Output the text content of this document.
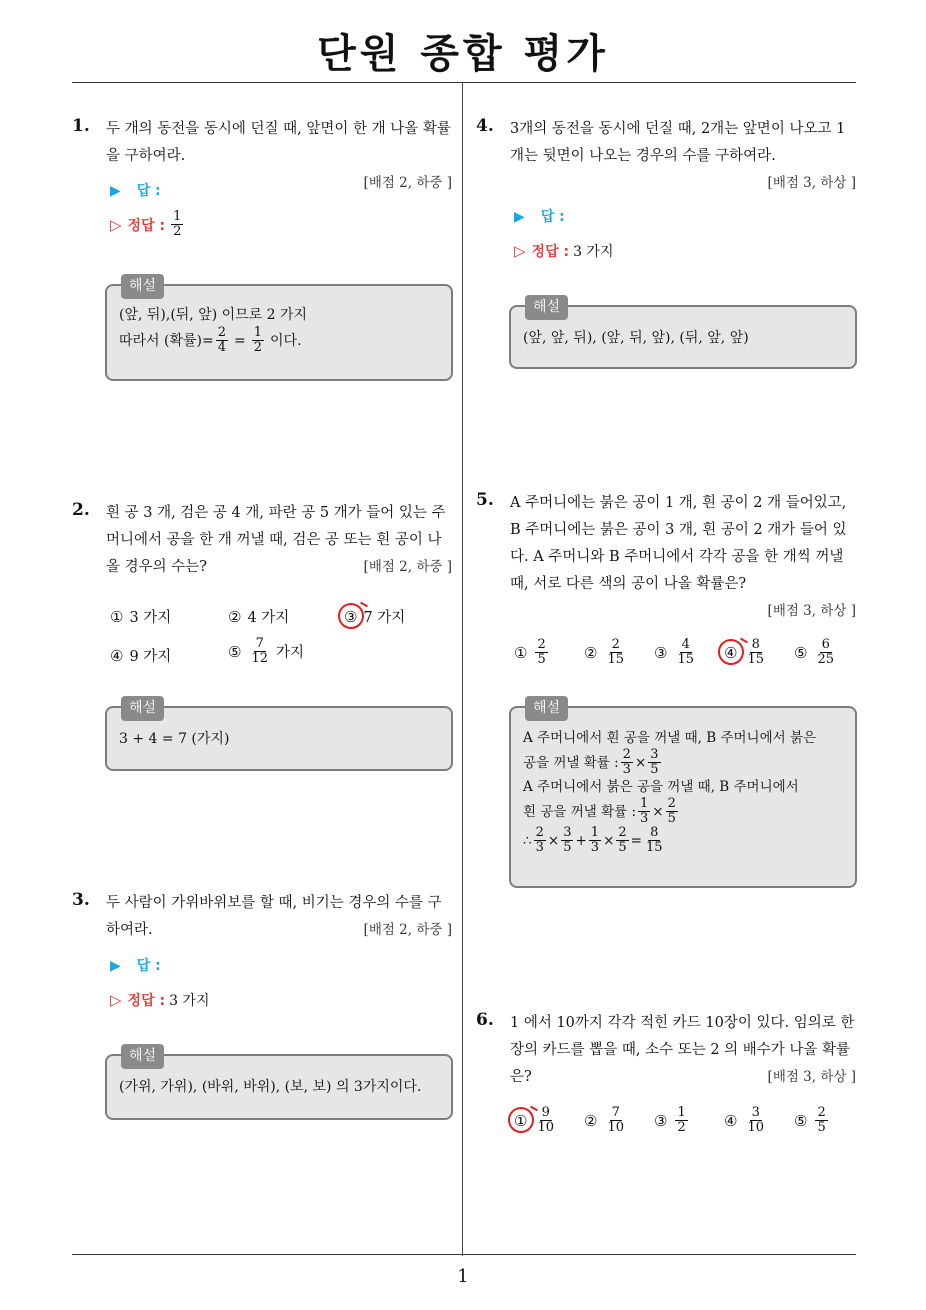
단원 종합 평가
1. 두 개의 동전을 동시에 던질 때, 앞면이 한 개 나올 확률을 구하여라.
[배점 2, 하중 ]
▶ 답 :
▷ 정답 : $\frac{1}{2}$
해설
(앞, 뒤),(뒤, 앞) 이므로 2 가지
따라서 (확률)= $\frac{2}{4} = \frac{1}{2}$ 이다.
2. 흰 공 3 개, 검은 공 4 개, 파란 공 5 개가 들어 있는 주머니에서 공을 한 개 꺼낼 때, 검은 공 또는 흰 공이 나올 경우의 수는?	[배점 2, 하중 ]
① 3 가지	② 4 가지	③ 7 가지
④ 9 가지	⑤ $\frac{7}{12}$ 가지
해설
3 + 4 = 7 (가지)
3. 두 사람이 가위바위보를 할 때, 비기는 경우의 수를 구하여라.	[배점 2, 하중 ]
▶ 답 :
▷ 정답 : 3 가지
해설
(가위, 가위), (바위, 바위), (보, 보) 의 3가지이다.
4. 3개의 동전을 동시에 던질 때, 2개는 앞면이 나오고 1개는 뒷면이 나오는 경우의 수를 구하여라.
[배점 3, 하상 ]
▶ 답 :
▷ 정답 : 3 가지
해설
(앞, 앞, 뒤), (앞, 뒤, 앞), (뒤, 앞, 앞)
5. A 주머니에는 붉은 공이 1 개, 흰 공이 2 개 들어있고, B 주머니에는 붉은 공이 3 개, 흰 공이 2 개가 들어 있다. A 주머니와 B 주머니에서 각각 공을 한 개씩 꺼낼 때, 서로 다른 색의 공이 나올 확률은?
[배점 3, 하상 ]
① $\frac{2}{5}$ ② $\frac{2}{15}$ ③ $\frac{4}{15}$ ④ $\frac{8}{15}$ ⑤ $\frac{6}{25}$
해설
A 주머니에서 흰 공을 꺼낼 때, B 주머니에서 붉은
공을 꺼낼 확률 : $\frac{2}{3} \times \frac{3}{5}$
A 주머니에서 붉은 공을 꺼낼 때, B 주머니에서
흰 공을 꺼낼 확률 : $\frac{1}{3} \times \frac{2}{5}$
∴ $\frac{2}{3} \times \frac{3}{5} + \frac{1}{3} \times \frac{2}{5} = \frac{8}{15}$
6. 1 에서 10까지 각각 적힌 카드 10장이 있다. 임의로 한 장의 카드를 뽑을 때, 소수 또는 2 의 배수가 나올 확률은?	[배점 3, 하상 ]
① $\frac{9}{10}$ ② $\frac{7}{10}$ ③ $\frac{1}{2}$ ④ $\frac{3}{10}$ ⑤ $\frac{2}{5}$
1
